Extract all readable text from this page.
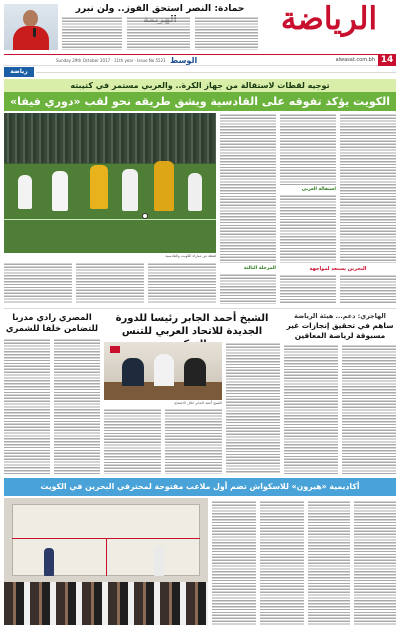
حمادة: النصر استحق الفوز.. ولن نبرر	الرياضة
14
alwasat.com.bh
الوسط
Sunday 29th October 2017 · 11th year · Issue No 5521
رياضة
توجيه لقطات لاستقالة من جهاز الكرة.. والعربي مستمر في كتيبته
الكويت يؤكد تفوقه على القادسية ويشق طريقه نحو لقب «دوري فيفا»
لقطة من مباراة الكويت والقادسية
استقالة العربي
المرحلة الثالثة	البحرين يستعد لمواجهة
المصري رادي مدربا للتضامن خلفا للشمري
الشيخ أحمد الجابر رئيسا للدورة الجديدة للاتحاد العربي للتنس
الشيخ أحمد الجابر خلال الاجتماع
الهاجري: دعم... هيئة الرياضة
ساهم في تحقيق إنجازات غير مسبوقة لرياضة المعاقين
أكاديمية «هيرون» للاسكواش تضم أول ملاعب مفتوحة لمحترفي البحرين في الكويت
